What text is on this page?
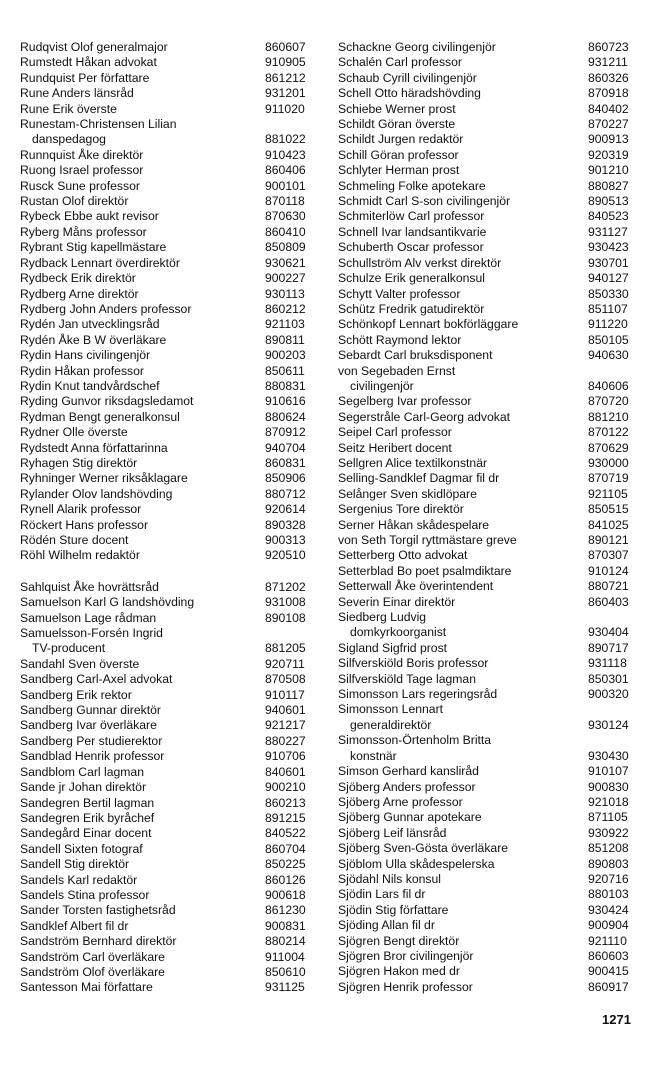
Rudqvist Olof generalmajor	860607
Rumstedt Håkan advokat	910905
Rundquist Per författare	861212
Rune Anders länsråd	931201
Rune Erik överste	911020
Runestam-Christensen Lilian
danspedagog	881022
Runnquist Åke direktör	910423
Ruong Israel professor	860406
Rusck Sune professor	900101
Rustan Olof direktör	870118
Rybeck Ebbe aukt revisor	870630
Ryberg Måns professor	860410
Rybrant Stig kapellmästare	850809
Rydback Lennart överdirektör	930621
Rydbeck Erik direktör	900227
Rydberg Arne direktör	930113
Rydberg John Anders professor	860212
Rydén Jan utvecklingsråd	921103
Rydén Åke B W överläkare	890811
Rydin Hans civilingenjör	900203
Rydin Håkan professor	850611
Rydin Knut tandvårdschef	880831
Ryding Gunvor riksdagsledamot	910616
Rydman Bengt generalkonsul	880624
Rydner Olle överste	870912
Rydstedt Anna författarinna	940704
Ryhagen Stig direktör	860831
Ryhninger Werner riksåklagare	850906
Rylander Olov landshövding	880712
Rynell Alarik professor	920614
Röckert Hans professor	890328
Rödén Sture docent	900313
Röhl Wilhelm redaktör	920510
Sahlquist Åke hovrättsråd	871202
Samuelson Karl G landshövding	931008
Samuelson Lage rådman	890108
Samuelsson-Forsén Ingrid
TV-producent	881205
Sandahl Sven överste	920711
Sandberg Carl-Axel advokat	870508
Sandberg Erik rektor	910117
Sandberg Gunnar direktör	940601
Sandberg Ivar överläkare	921217
Sandberg Per studierektor	880227
Sandblad Henrik professor	910706
Sandblom Carl lagman	840601
Sande jr Johan direktör	900210
Sandegren Bertil lagman	860213
Sandegren Erik byråchef	891215
Sandegård Einar docent	840522
Sandell Sixten fotograf	860704
Sandell Stig direktör	850225
Sandels Karl redaktör	860126
Sandels Stina professor	900618
Sander Torsten fastighetsråd	861230
Sandklef Albert fil dr	900831
Sandström Bernhard direktör	880214
Sandström Carl överläkare	911004
Sandström Olof överläkare	850610
Santesson Mai författare	931125
Schackne Georg civilingenjör	860723
Schalén Carl professor	931211
Schaub Cyrill civilingenjör	860326
Schell Otto häradshövding	870918
Schiebe Werner prost	840402
Schildt Göran överste	870227
Schildt Jurgen redaktör	900913
Schill Göran professor	920319
Schlyter Herman prost	901210
Schmeling Folke apotekare	880827
Schmidt Carl S-son civilingenjör	890513
Schmiterlöw Carl professor	840523
Schnell Ivar landsantikvarie	931127
Schuberth Oscar professor	930423
Schullström Alv verkst direktör	930701
Schulze Erik generalkonsul	940127
Schytt Valter professor	850330
Schütz Fredrik gatudirektör	851107
Schönkopf Lennart bokförläggare	911220
Schött Raymond lektor	850105
Sebardt Carl bruksdisponent	940630
von Segebaden Ernst
civilingenjör	840606
Segelberg Ivar professor	870720
Segerstråle Carl-Georg advokat	881210
Seipel Carl professor	870122
Seitz Heribert docent	870629
Sellgren Alice textilkonstnär	930000
Selling-Sandklef Dagmar fil dr	870719
Selånger Sven skidlöpare	921105
Sergenius Tore direktör	850515
Serner Håkan skådespelare	841025
von Seth Torgil ryttmästare greve	890121
Setterberg Otto advokat	870307
Setterblad Bo poet psalmdiktare	910124
Setterwall Åke överintendent	880721
Severin Einar direktör	860403
Siedberg Ludvig
domkyrkoorganist	930404
Sigland Sigfrid prost	890717
Silfverskiöld Boris professor	931118
Silfverskiöld Tage lagman	850301
Simonsson Lars regeringsråd	900320
Simonsson Lennart
generaldirektör	930124
Simonsson-Örtenholm Britta
konstnär	930430
Simson Gerhard kansliråd	910107
Sjöberg Anders professor	900830
Sjöberg Arne professor	921018
Sjöberg Gunnar apotekare	871105
Sjöberg Leif länsråd	930922
Sjöberg Sven-Gösta överläkare	851208
Sjöblom Ulla skådespelerska	890803
Sjödahl Nils konsul	920716
Sjödin Lars fil dr	880103
Sjödin Stig författare	930424
Sjöding Allan fil dr	900904
Sjögren Bengt direktör	921110
Sjögren Bror civilingenjör	860603
Sjögren Hakon med dr	900415
Sjögren Henrik professor	860917
1271
